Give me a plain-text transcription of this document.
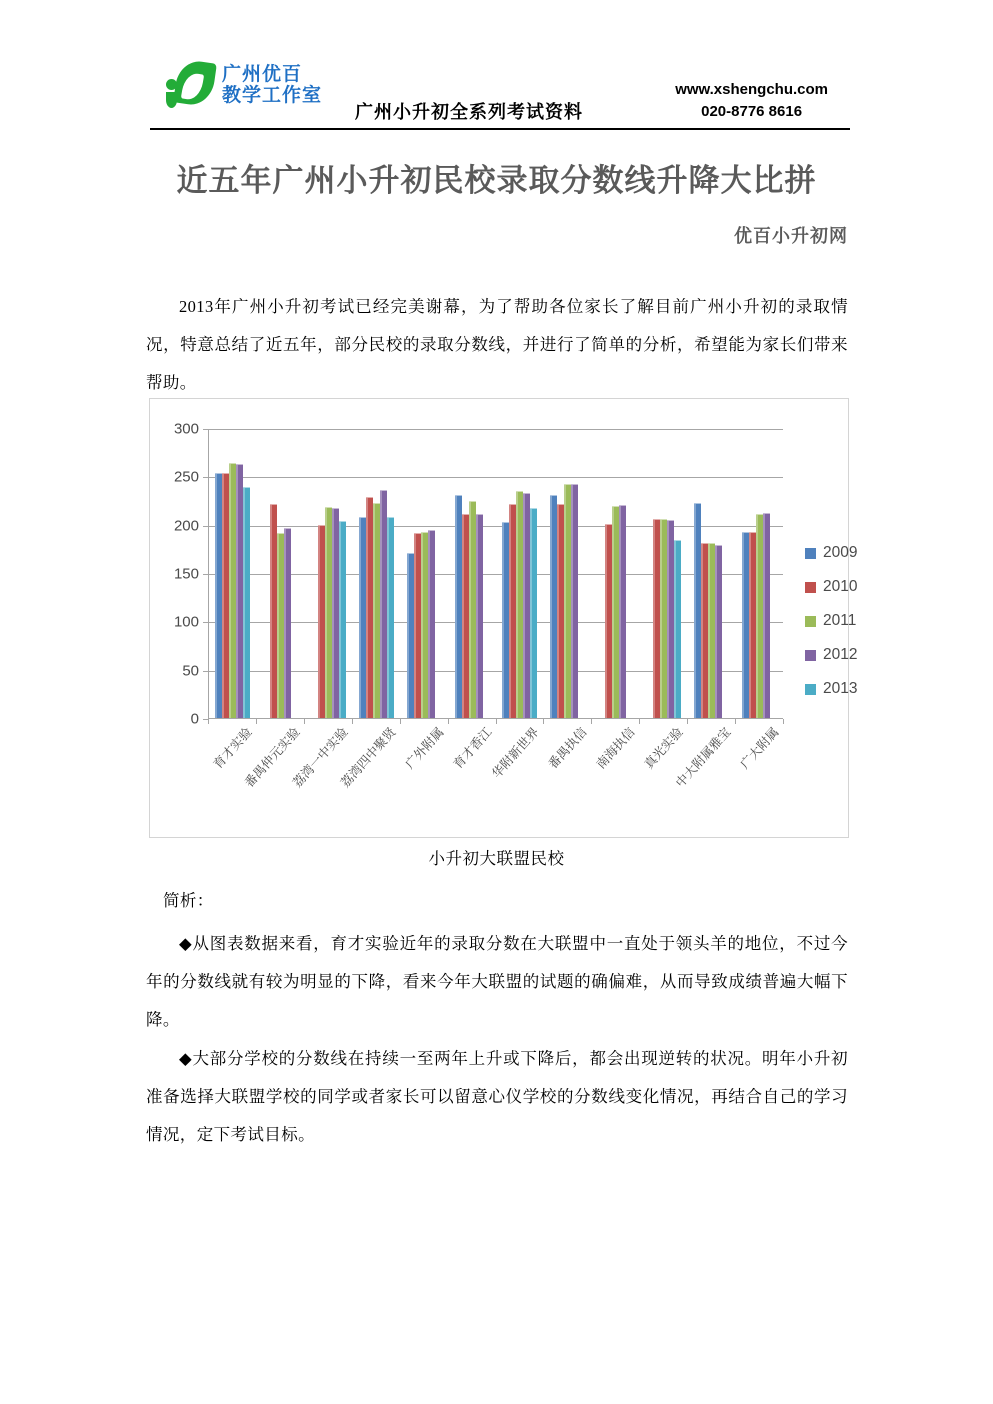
广州优百
教学工作室
广州小升初全系列考试资料
www.xshengchu.com
020-8776 8616
近五年广州小升初民校录取分数线升降大比拼
优百小升初网
2013年广州小升初考试已经完美谢幕，为了帮助各位家长了解目前广州小升初的录取情况，特意总结了近五年，部分民校的录取分数线，并进行了简单的分析，希望能为家长们带来帮助。
0
50
100
150
200
250
300
育才实验
番禺仲元实验
荔湾一中实验
荔湾四中聚贤 广外附属 育才香江
华附新世界 番禺执信 南海执信 真光实验
中大附属雅宝 广大附属
2009
2010
2011
2012
2013
小升初大联盟民校
简析：
◆从图表数据来看，育才实验近年的录取分数在大联盟中一直处于领头羊的地位，不过今年的分数线就有较为明显的下降，看来今年大联盟的试题的确偏难，从而导致成绩普遍大幅下降。
◆大部分学校的分数线在持续一至两年上升或下降后，都会出现逆转的状况。明年小升初准备选择大联盟学校的同学或者家长可以留意心仪学校的分数线变化情况，再结合自己的学习情况，定下考试目标。
